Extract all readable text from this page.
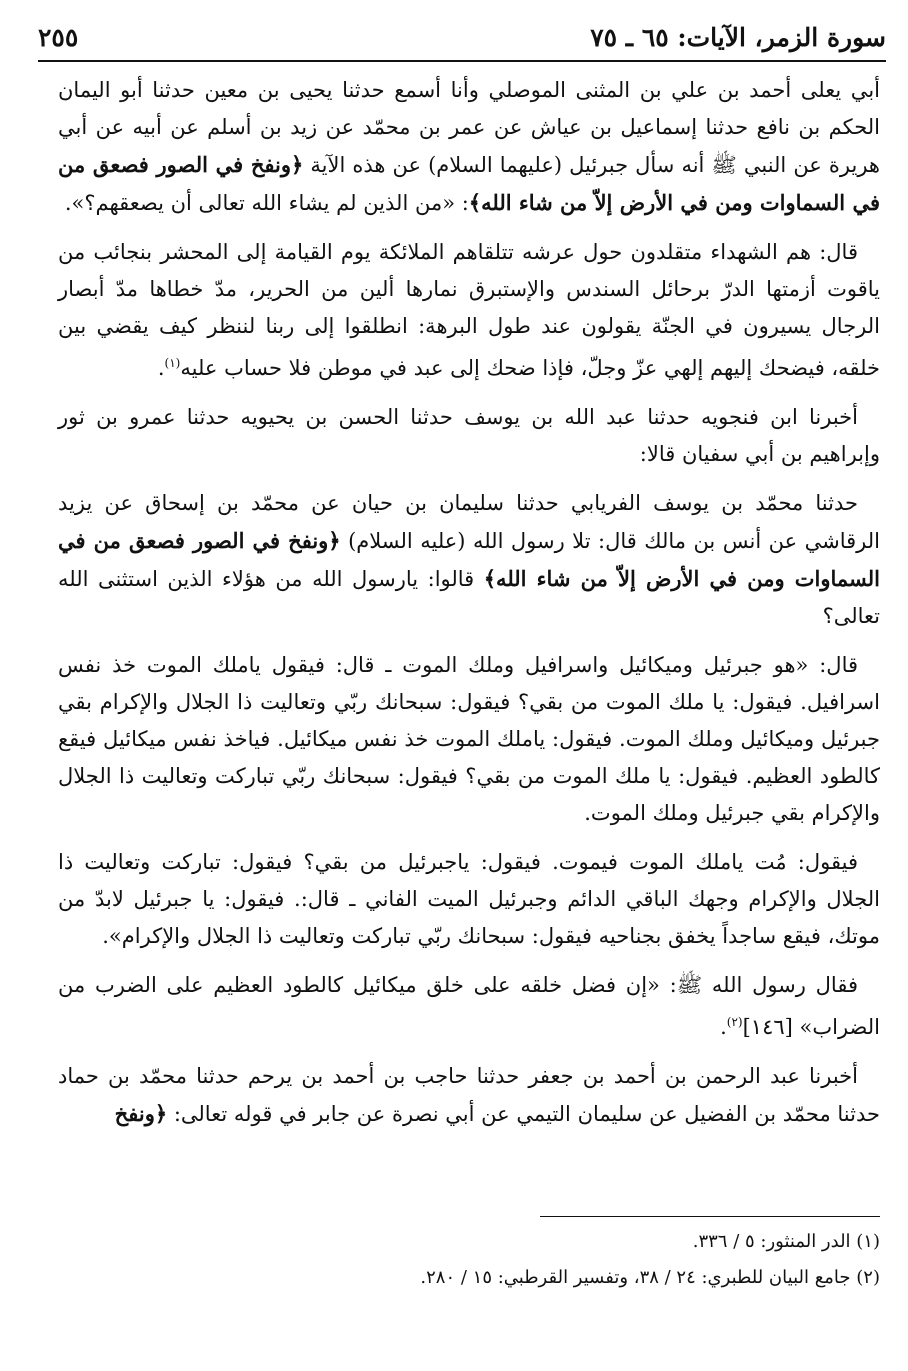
سورة الزمر، الآيات: ٦٥ ـ ٧٥
٢٥٥

أبي يعلى أحمد بن علي بن المثنى الموصلي وأنا أسمع حدثنا يحيى بن معين حدثنا أبو اليمان الحكم بن نافع حدثنا إسماعيل بن عياش عن عمر بن محمّد عن زيد بن أسلم عن أبيه عن أبي هريرة عن النبي ﷺ أنه سأل جبرئيل (عليهما السلام) عن هذه الآية ﴿ونفخ في الصور فصعق من في السماوات ومن في الأرض إلاّ من شاء الله﴾: «من الذين لم يشاء الله تعالى أن يصعقهم؟».

قال: هم الشهداء متقلدون حول عرشه تتلقاهم الملائكة يوم القيامة إلى المحشر بنجائب من ياقوت أزمتها الدرّ برحائل السندس والإستبرق نمارها ألين من الحرير، مدّ خطاها مدّ أبصار الرجال يسيرون في الجنّة يقولون عند طول البرهة: انطلقوا إلى ربنا لننظر كيف يقضي بين خلقه، فيضحك إليهم إلهي عزّ وجلّ، فإذا ضحك إلى عبد في موطن فلا حساب عليه$^{(١)}$.

أخبرنا ابن فنجويه حدثنا عبد الله بن يوسف حدثنا الحسن بن يحيويه حدثنا عمرو بن ثور وإبراهيم بن أبي سفيان قالا:

حدثنا محمّد بن يوسف الفريابي حدثنا سليمان بن حيان عن محمّد بن إسحاق عن يزيد الرقاشي عن أنس بن مالك قال: تلا رسول الله (عليه السلام) ﴿ونفخ في الصور فصعق من في السماوات ومن في الأرض إلاّ من شاء الله﴾ قالوا: يارسول الله من هؤلاء الذين استثنى الله تعالى؟

قال: «هو جبرئيل وميكائيل واسرافيل وملك الموت ـ قال: فيقول ياملك الموت خذ نفس اسرافيل. فيقول: يا ملك الموت من بقي؟ فيقول: سبحانك ربّي وتعاليت ذا الجلال والإكرام بقي جبرئيل وميكائيل وملك الموت. فيقول: ياملك الموت خذ نفس ميكائيل. فياخذ نفس ميكائيل فيقع كالطود العظيم. فيقول: يا ملك الموت من بقي؟ فيقول: سبحانك ربّي تباركت وتعاليت ذا الجلال والإكرام بقي جبرئيل وملك الموت.

فيقول: مُت ياملك الموت فيموت. فيقول: ياجبرئيل من بقي؟ فيقول: تباركت وتعاليت ذا الجلال والإكرام وجهك الباقي الدائم وجبرئيل الميت الفاني ـ قال:. فيقول: يا جبرئيل لابدّ من موتك، فيقع ساجداً يخفق بجناحيه فيقول: سبحانك ربّي تباركت وتعاليت ذا الجلال والإكرام».

فقال رسول الله ﷺ: «إن فضل خلقه على خلق ميكائيل كالطود العظيم على الضرب من الضراب» [١٤٦]$^{(٢)}$.

أخبرنا عبد الرحمن بن أحمد بن جعفر حدثنا حاجب بن أحمد بن يرحم حدثنا محمّد بن حماد حدثنا محمّد بن الفضيل عن سليمان التيمي عن أبي نصرة عن جابر في قوله تعالى: ﴿ونفخ

(١) الدر المنثور: ٥ / ٣٣٦.

(٢) جامع البيان للطبري: ٢٤ / ٣٨، وتفسير القرطبي: ١٥ / ٢٨٠.
